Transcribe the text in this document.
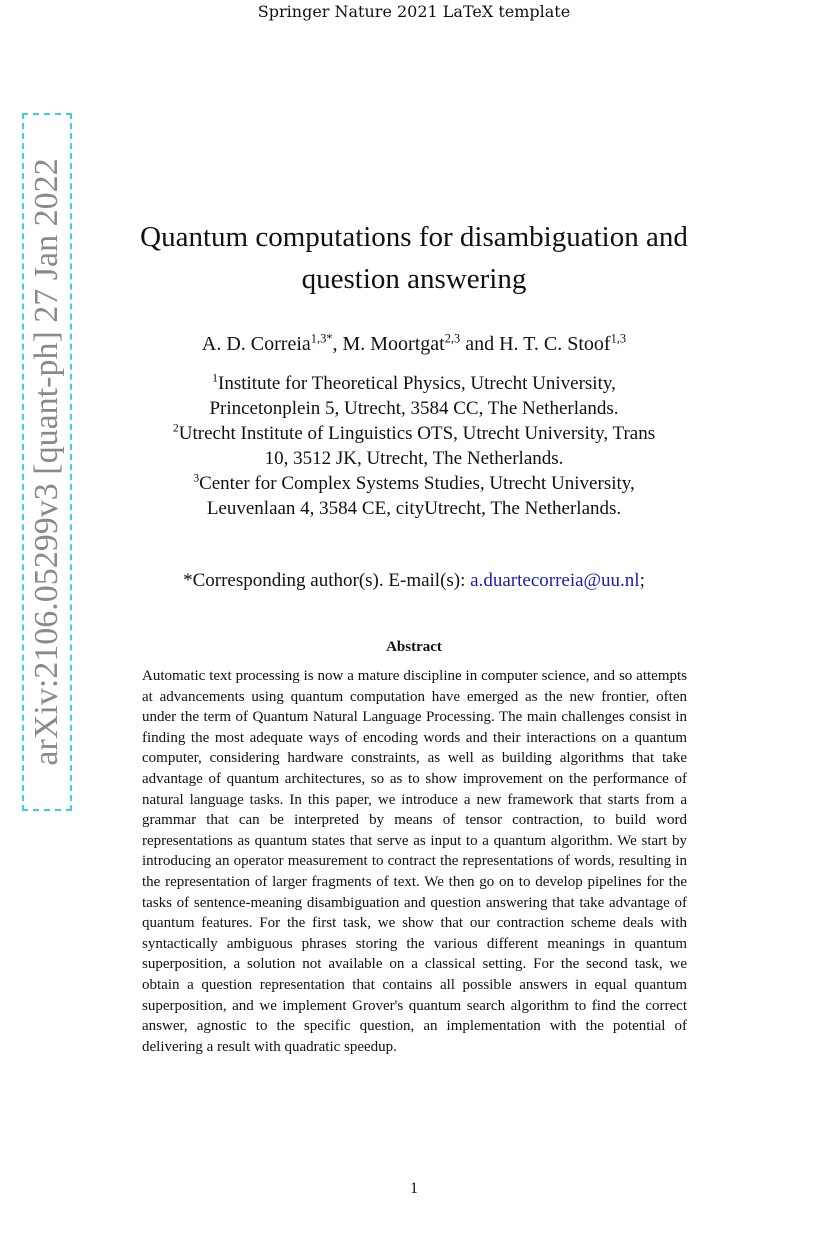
Springer Nature 2021 LaTeX template
arXiv:2106.05299v3 [quant-ph] 27 Jan 2022	Quantum computations for disambiguation and question answering
A. D. Correia$^{1,3*}$, M. Moortgat$^{2,3}$ and H. T. C. Stoof$^{1,3}$
$^1$Institute for Theoretical Physics, Utrecht University,
Princetonplein 5, Utrecht, 3584 CC, The Netherlands.
$^2$Utrecht Institute of Linguistics OTS, Utrecht University, Trans
10, 3512 JK, Utrecht, The Netherlands.
$^3$Center for Complex Systems Studies, Utrecht University,
Leuvenlaan 4, 3584 CE, cityUtrecht, The Netherlands.
*Corresponding author(s). E-mail(s): a.duartecorreia@uu.nl;
Abstract
Automatic text processing is now a mature discipline in computer science, and so attempts at advancements using quantum computation have emerged as the new frontier, often under the term of Quantum Natural Language Processing. The main challenges consist in finding the most adequate ways of encoding words and their interactions on a quantum computer, considering hardware constraints, as well as building algorithms that take advantage of quantum architectures, so as to show improvement on the performance of natural language tasks. In this paper, we introduce a new framework that starts from a grammar that can be interpreted by means of tensor contraction, to build word representations as quantum states that serve as input to a quantum algorithm. We start by introducing an operator measurement to contract the representations of words, resulting in the representation of larger fragments of text. We then go on to develop pipelines for the tasks of sentence-meaning disambiguation and question answering that take advantage of quantum features. For the first task, we show that our contraction scheme deals with syntactically ambiguous phrases storing the various different meanings in quantum superposition, a solution not available on a classical setting. For the second task, we obtain a question representation that contains all possible answers in equal quantum superposition, and we implement Grover's quantum search algorithm to find the correct answer, agnostic to the specific question, an implementation with the potential of delivering a result with quadratic speedup.
1
